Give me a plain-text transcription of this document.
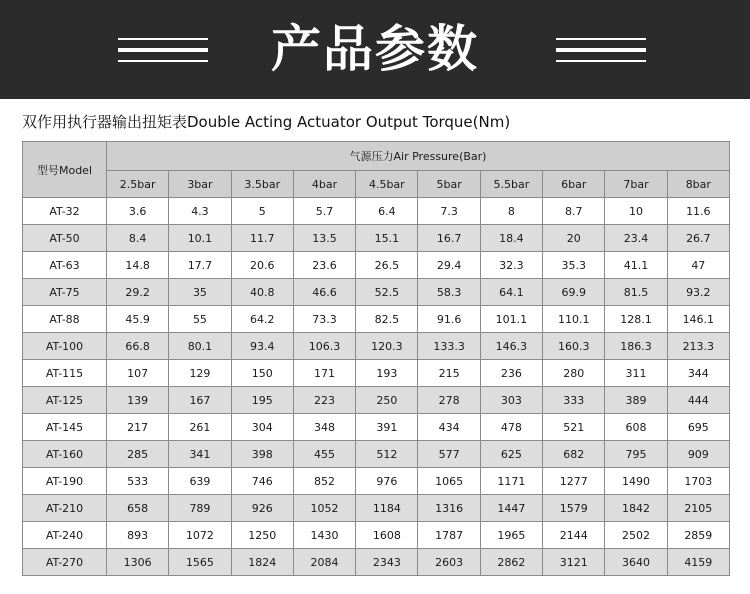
产品参数
双作用执行器输出扭矩表Double Acting Actuator Output Torque(Nm)
型号Model	气源压力Air Pressure(Bar)									
	2.5bar	3bar	3.5bar	4bar	4.5bar	5bar	5.5bar	6bar	7bar	8bar
AT-32	3.6	4.3	5	5.7	6.4	7.3	8	8.7	10	11.6
AT-50	8.4	10.1	11.7	13.5	15.1	16.7	18.4	20	23.4	26.7
AT-63	14.8	17.7	20.6	23.6	26.5	29.4	32.3	35.3	41.1	47
AT-75	29.2	35	40.8	46.6	52.5	58.3	64.1	69.9	81.5	93.2
AT-88	45.9	55	64.2	73.3	82.5	91.6	101.1	110.1	128.1	146.1
AT-100	66.8	80.1	93.4	106.3	120.3	133.3	146.3	160.3	186.3	213.3
AT-115	107	129	150	171	193	215	236	280	311	344
AT-125	139	167	195	223	250	278	303	333	389	444
AT-145	217	261	304	348	391	434	478	521	608	695
AT-160	285	341	398	455	512	577	625	682	795	909
AT-190	533	639	746	852	976	1065	1171	1277	1490	1703
AT-210	658	789	926	1052	1184	1316	1447	1579	1842	2105
AT-240	893	1072	1250	1430	1608	1787	1965	2144	2502	2859
AT-270	1306	1565	1824	2084	2343	2603	2862	3121	3640	4159
